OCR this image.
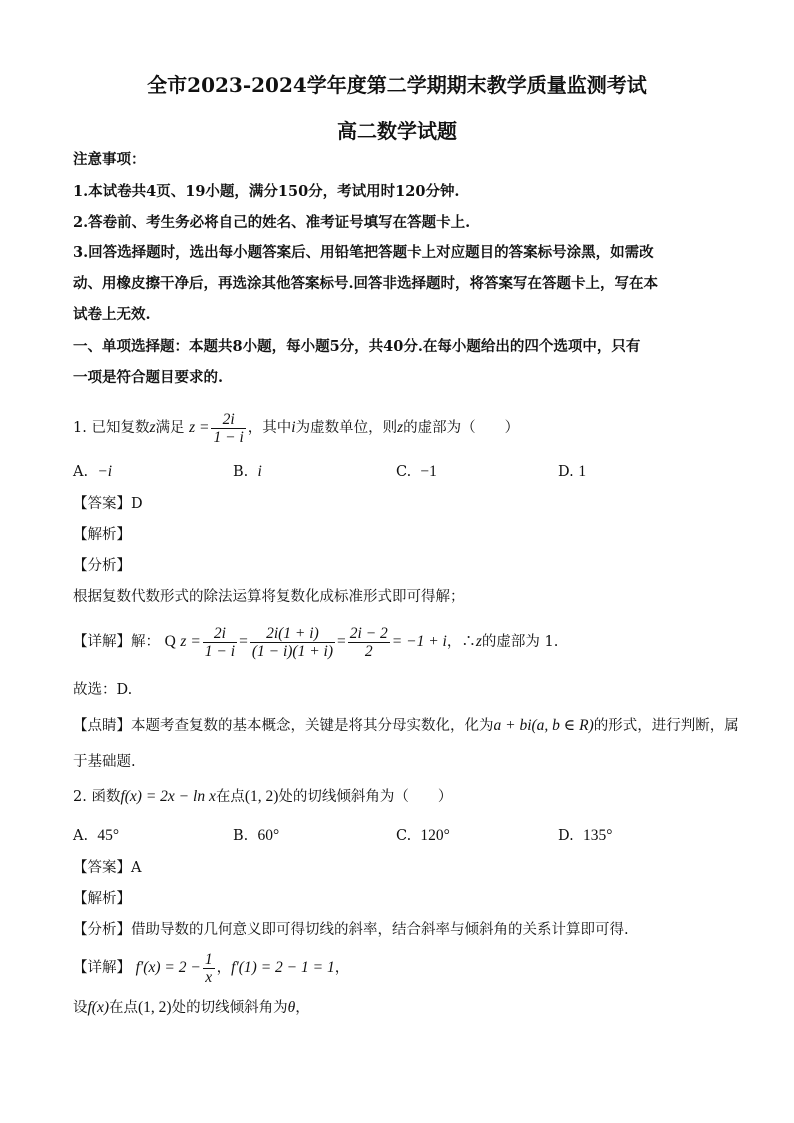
全市2023-2024学年度第二学期期末教学质量监测考试
高二数学试题
注意事项：
1.本试卷共4页、19小题，满分150分，考试用时120分钟.
2.答卷前、考生务必将自己的姓名、准考证号填写在答题卡上.
3.回答选择题时，选出每小题答案后、用铅笔把答题卡上对应题目的答案标号涂黑，如需改
动、用橡皮擦干净后，再选涂其他答案标号.回答非选择题时，将答案写在答题卡上，写在本
试卷上无效.
一、单项选择题：本题共8小题，每小题5分，共40分.在每小题给出的四个选项中，只有
一项是符合题目要求的.
1. 已知复数z满足 $z = \frac{2i}{1 - i}$ ，其中i为虚数单位，则z的虚部为（　　）
A. −i	B. i	C. −1	D. 1
【答案】D
【解析】
【分析】
根据复数代数形式的除法运算将复数化成标准形式即可得解；
【详解】解： Q $z = \frac{2i}{1 - i} = \frac{2i(1 + i)}{(1 - i)(1 + i)} = \frac{2i - 2}{2} = -1 + i$，∴z的虚部为 1.
故选：D.
【点睛】本题考查复数的基本概念，关键是将其分母实数化，化为a + bi(a, b ∈ R)的形式，进行判断，属
于基础题.
2. 函数f(x) = 2x − ln x在点(1, 2)处的切线倾斜角为（　　）
A. 45°	B. 60°	C. 120°	D. 135°
【答案】A
【解析】
【分析】借助导数的几何意义即可得切线的斜率，结合斜率与倾斜角的关系计算即可得.
【详解】 $f'(x) = 2 - \frac{1}{x}$ ，f′(1) = 2 − 1 = 1，
设f(x)在点(1, 2)处的切线倾斜角为θ，
